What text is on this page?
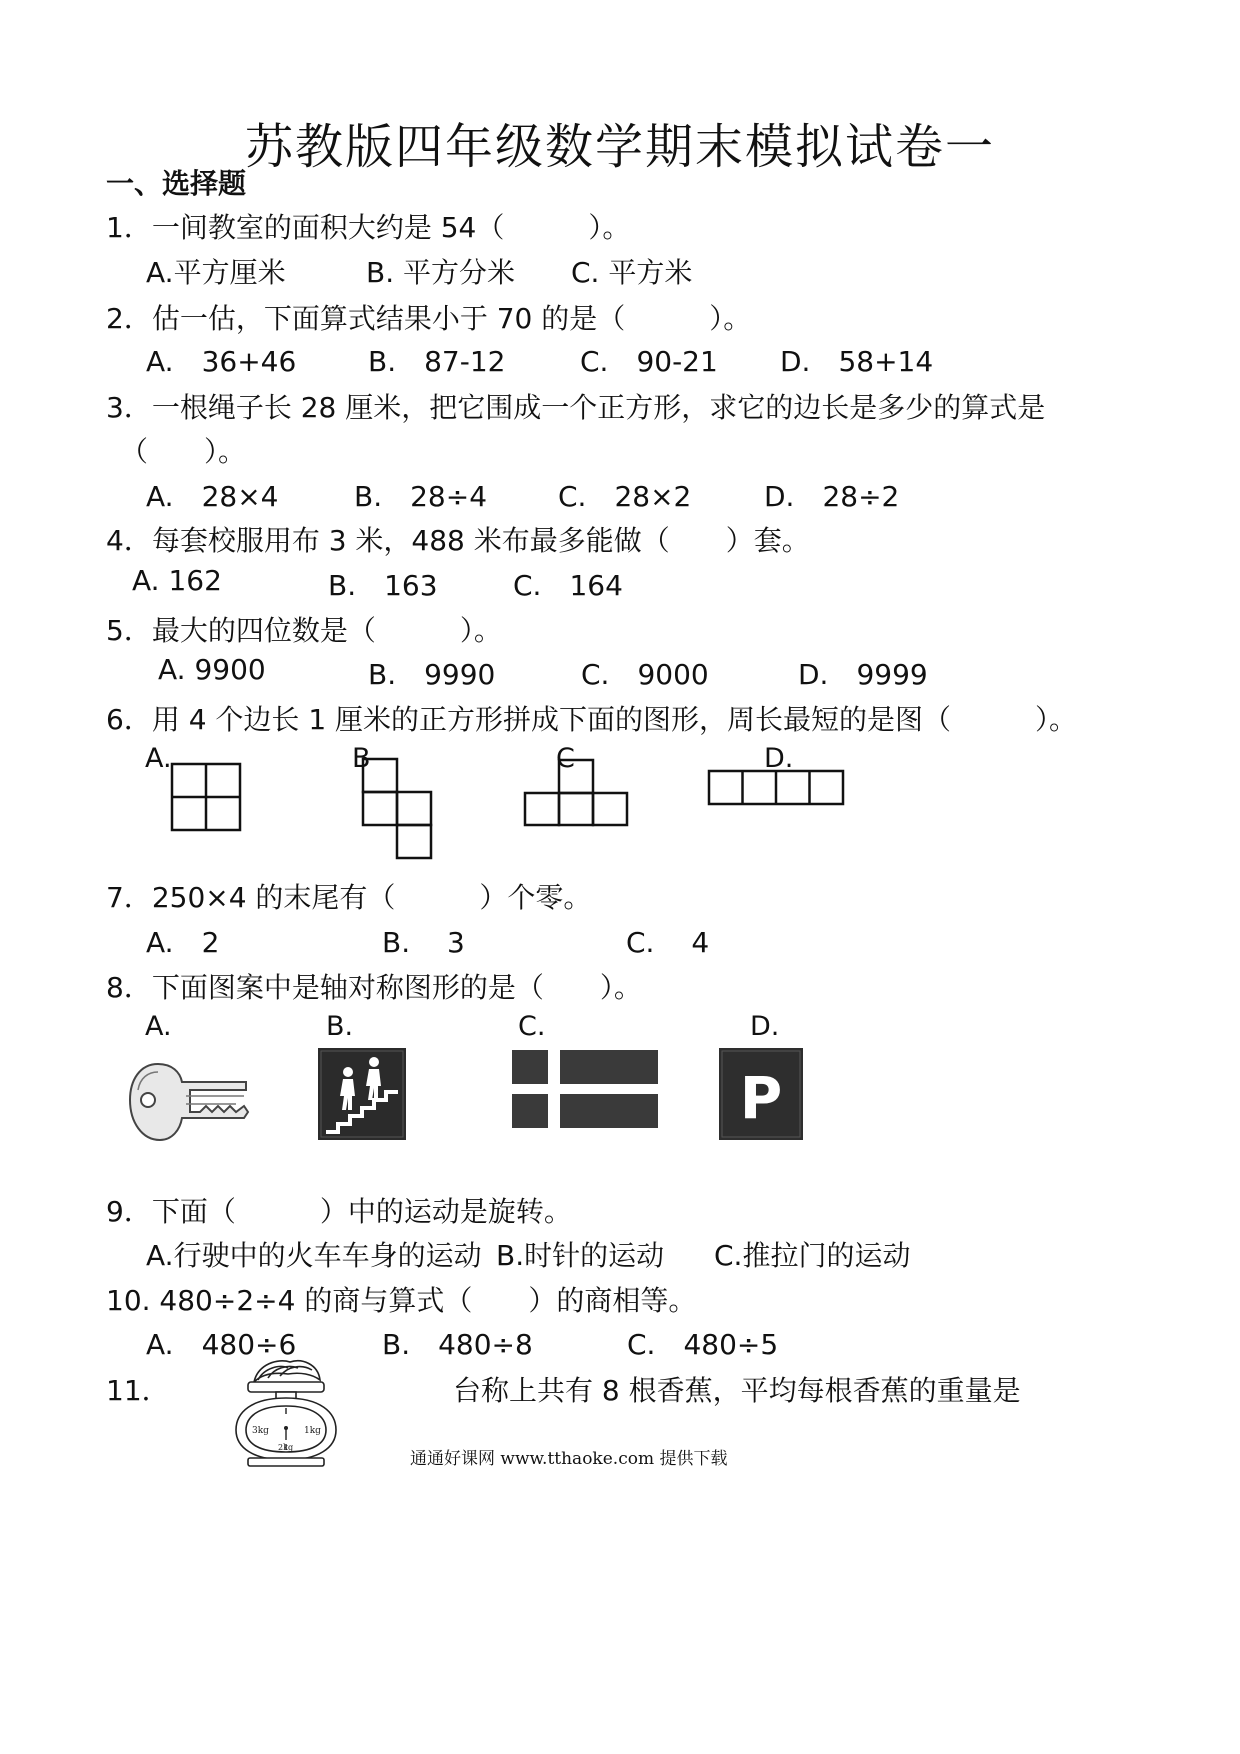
苏教版四年级数学期末模拟试卷一
一、选择题
1．一间教室的面积大约是 54（　　　）。
A.平方厘米	B. 平方分米 C. 平方米
2．估一估，下面算式结果小于 70 的是（　　　）。
A.　36+46	B.　87-12	C.　90-21 D.　58+14
3．一根绳子长 28 厘米，把它围成一个正方形，求它的边长是多少的算式是
（　　）。
A.　28×4	B.　28÷4	C.　28×2	D.　28÷2
4．每套校服用布 3 米，488 米布最多能做（　　）套。
A. 162	B.　163	C.　164
5．最大的四位数是（　　　）。
A. 9900	B.　9990	C.　9000	D.　9999
6．用 4 个边长 1 厘米的正方形拼成下面的图形，周长最短的是图（　　　）。
A.	B	C	D.
7．250×4 的末尾有（　　　）个零。
A.　2	B.　 3	C.　 4
8．下面图案中是轴对称图形的是（　　）。
A.	B.	C.	D.
P
9．下面（　　　）中的运动是旋转。
A.行驶中的火车车身的运动 B.时针的运动 C.推拉门的运动
10. 480÷2÷4 的商与算式（　　）的商相等。
A.　480÷6	B.　480÷8	C.　480÷5
11．	台称上共有 8 根香蕉，平均每根香蕉的重量是
3kg	1kg
2kg
通通好课网 www.tthaoke.com 提供下载
